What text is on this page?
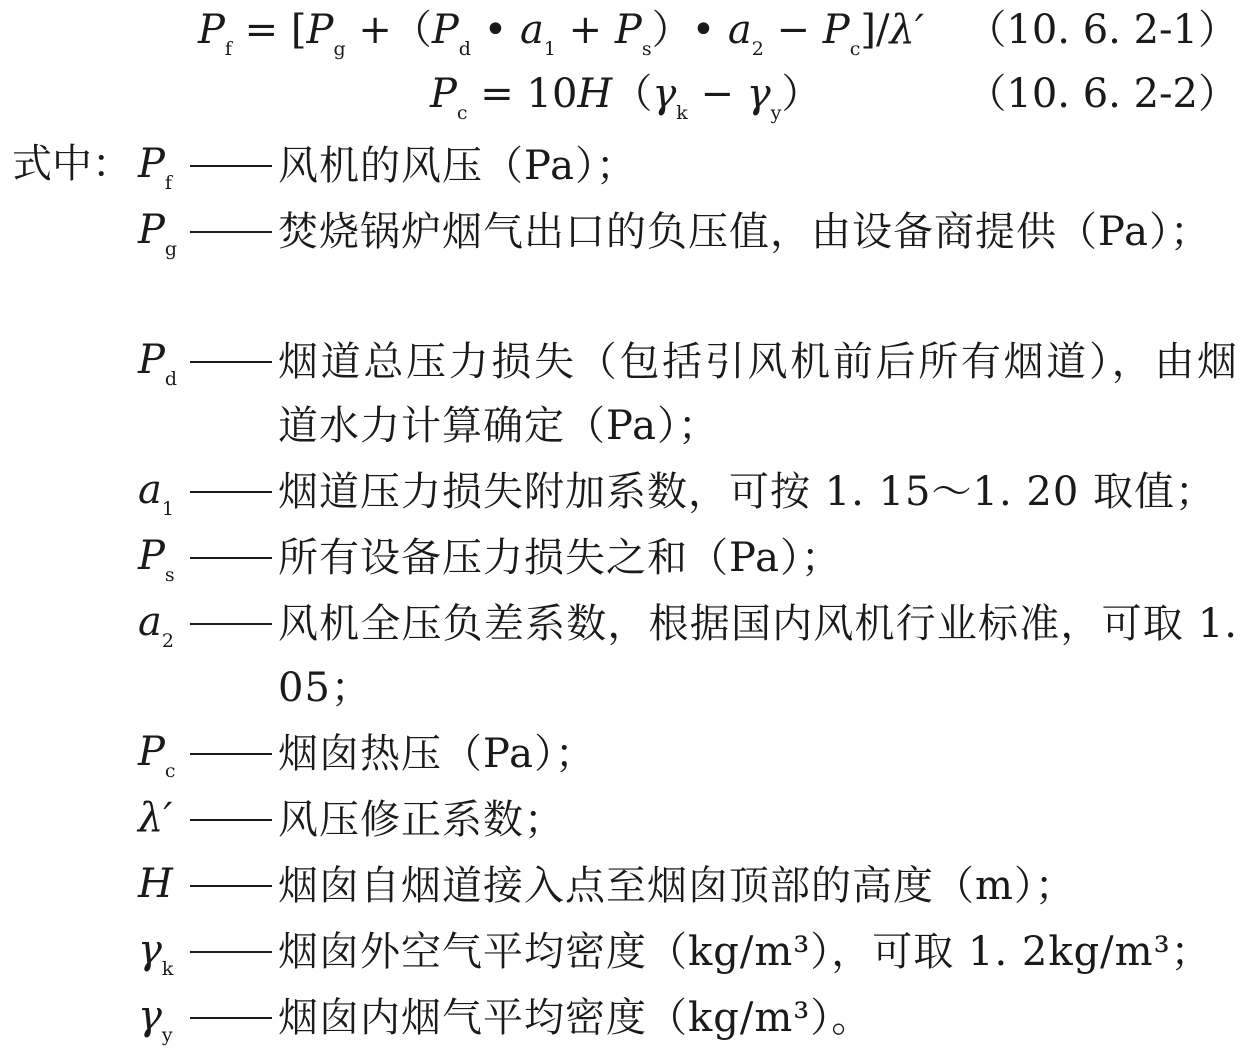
$P_f = [P_g +(P_d$ • $a_1$ + $P_s)•$ $a_2 - P_c]/\lambda'$ （10. 6. 2-1）
$P_c = 10H(\gamma_k - \gamma_y)$	（10. 6. 2-2）
式中： $P_f$	风机的风压（Pa）；
$P_g$	焚烧锅炉烟气出口的负压值，由设备商提供（Pa）；
$P_d$	烟道总压力损失（包括引风机前后所有烟道），由烟道水力计算确定（Pa）；
$a_1$	烟道压力损失附加系数，可按 1. 15～1. 20 取值；
$P_s$	所有设备压力损失之和（Pa）；
$a_2$	风机全压负差系数，根据国内风机行业标准，可取 1. 05；
$P_c$	烟囱热压（Pa）；
λ′	风压修正系数；
H	烟囱自烟道接入点至烟囱顶部的高度（m）；
$\gamma_k$	烟囱外空气平均密度（kg/m³），可取 1. 2kg/m³；
$\gamma_y$	烟囱内烟气平均密度（kg/m³）。
